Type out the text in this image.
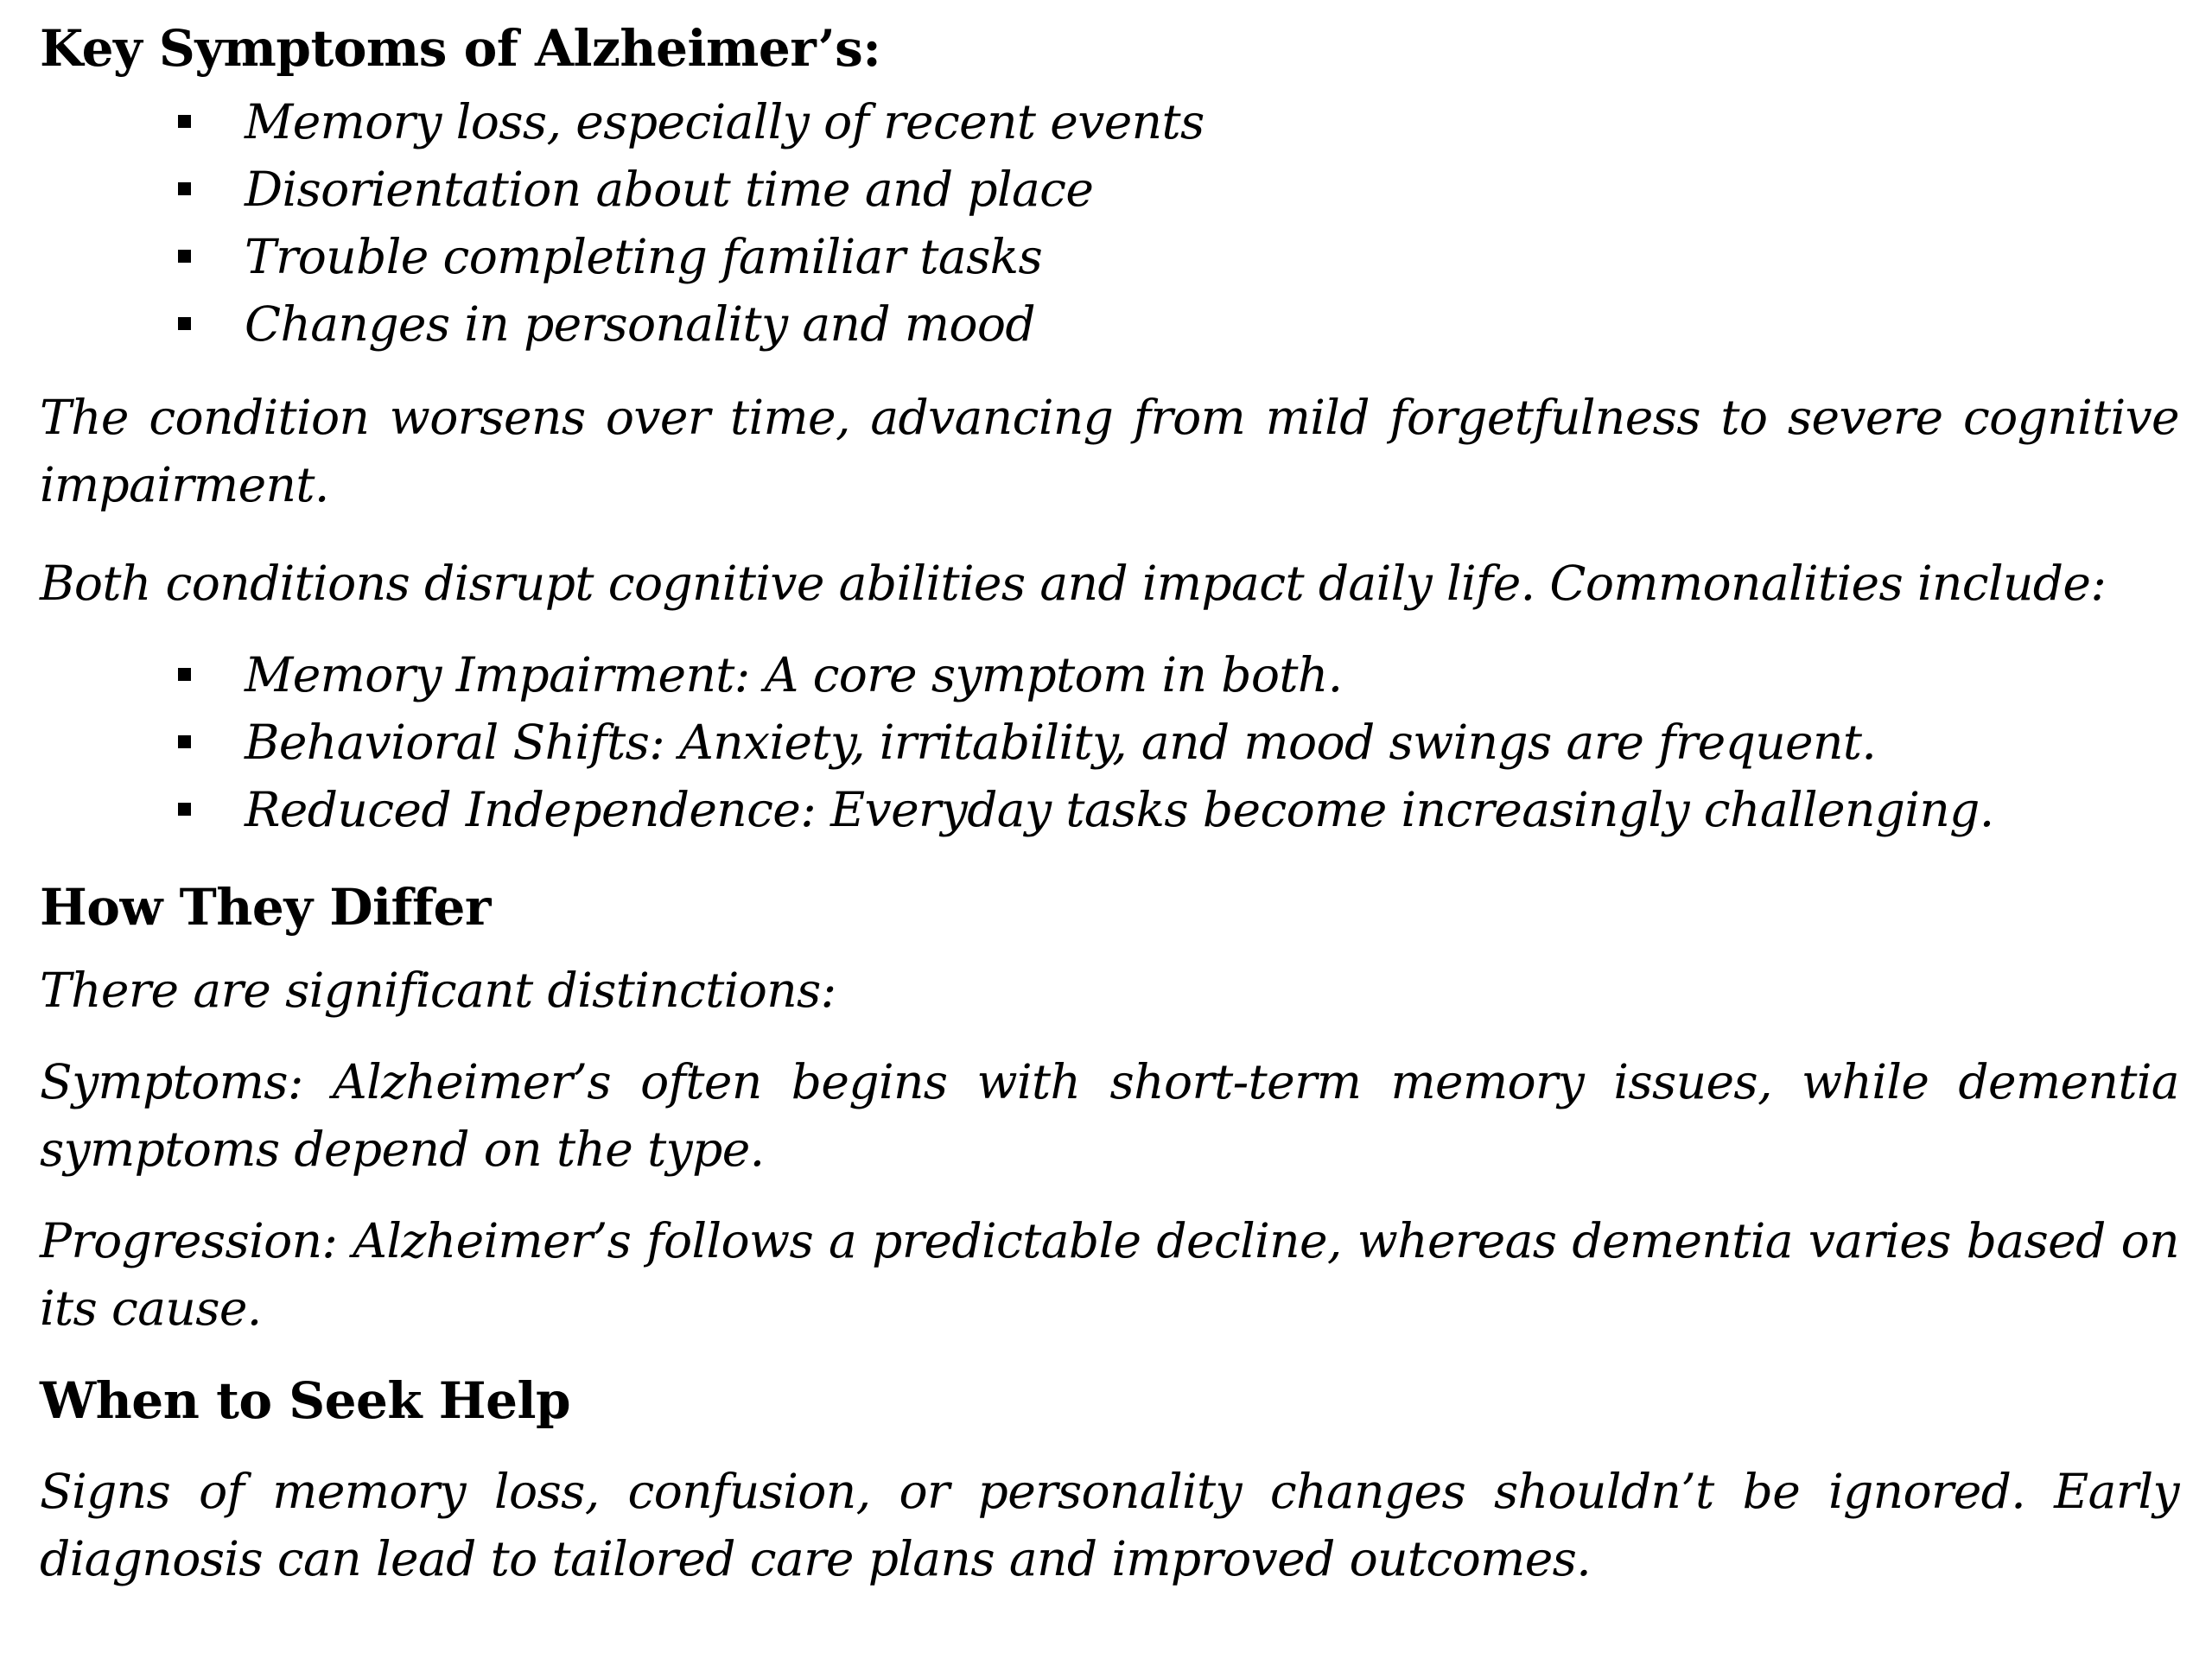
Key Symptoms of Alzheimer’s:
Memory loss, especially of recent events
Disorientation about time and place
Trouble completing familiar tasks
Changes in personality and mood

The condition worsens over time, advancing from mild forgetfulness to severe cognitive impairment.

Both conditions disrupt cognitive abilities and impact daily life. Commonalities include:

Memory Impairment: A core symptom in both.
Behavioral Shifts: Anxiety, irritability, and mood swings are frequent.
Reduced Independence: Everyday tasks become increasingly challenging.
How They Differ

There are significant distinctions:

Symptoms: Alzheimer’s often begins with short-term memory issues, while dementia symptoms depend on the type.

Progression: Alzheimer’s follows a predictable decline, whereas dementia varies based on its cause.

When to Seek Help

Signs of memory loss, confusion, or personality changes shouldn’t be ignored. Early diagnosis can lead to tailored care plans and improved outcomes.
